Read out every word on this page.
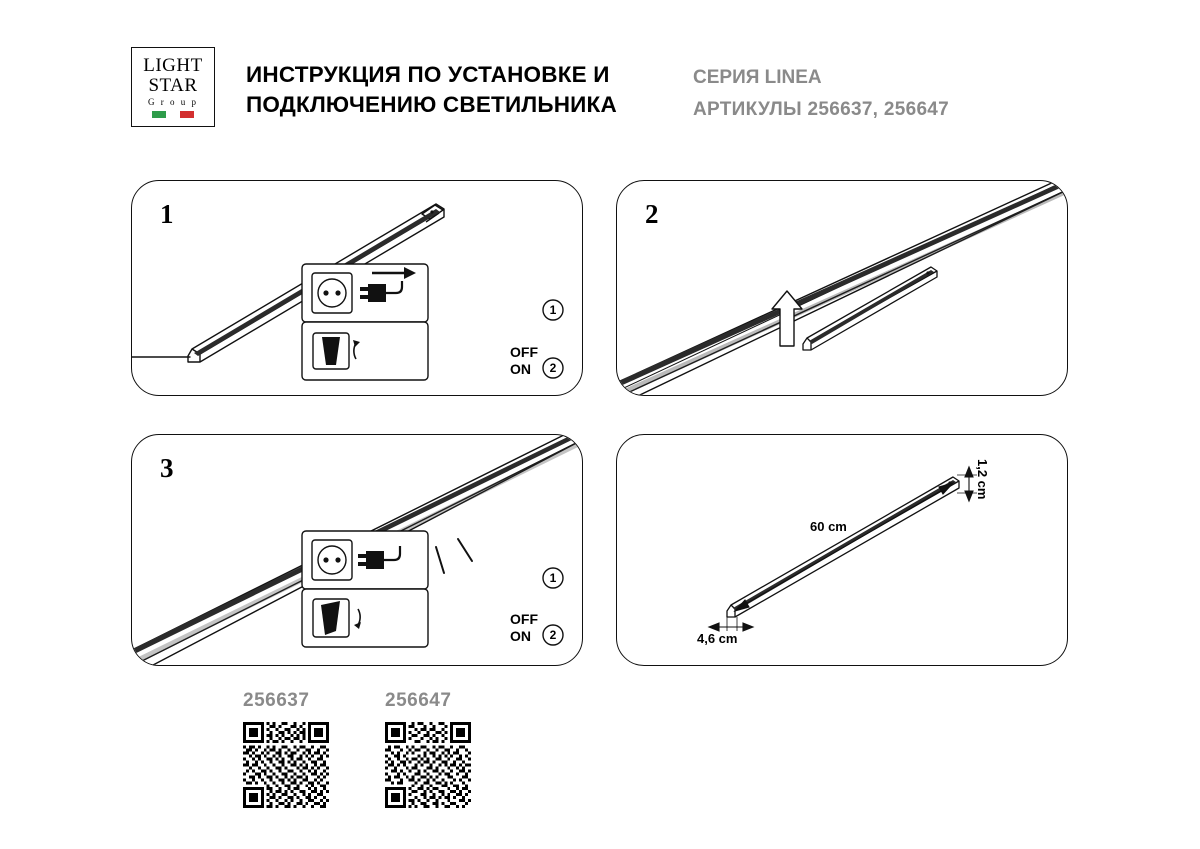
LIGHT
STAR
G r o u p
ИНСТРУКЦИЯ ПО УСТАНОВКЕ И
ПОДКЛЮЧЕНИЮ СВЕТИЛЬНИКА
СЕРИЯ LINEA
АРТИКУЛЫ 256637, 256647
1
1
OFF
ON	2
2
3
1
OFF
ON	2
60 cm
1,2 cm
4,6 cm
256637	256647
